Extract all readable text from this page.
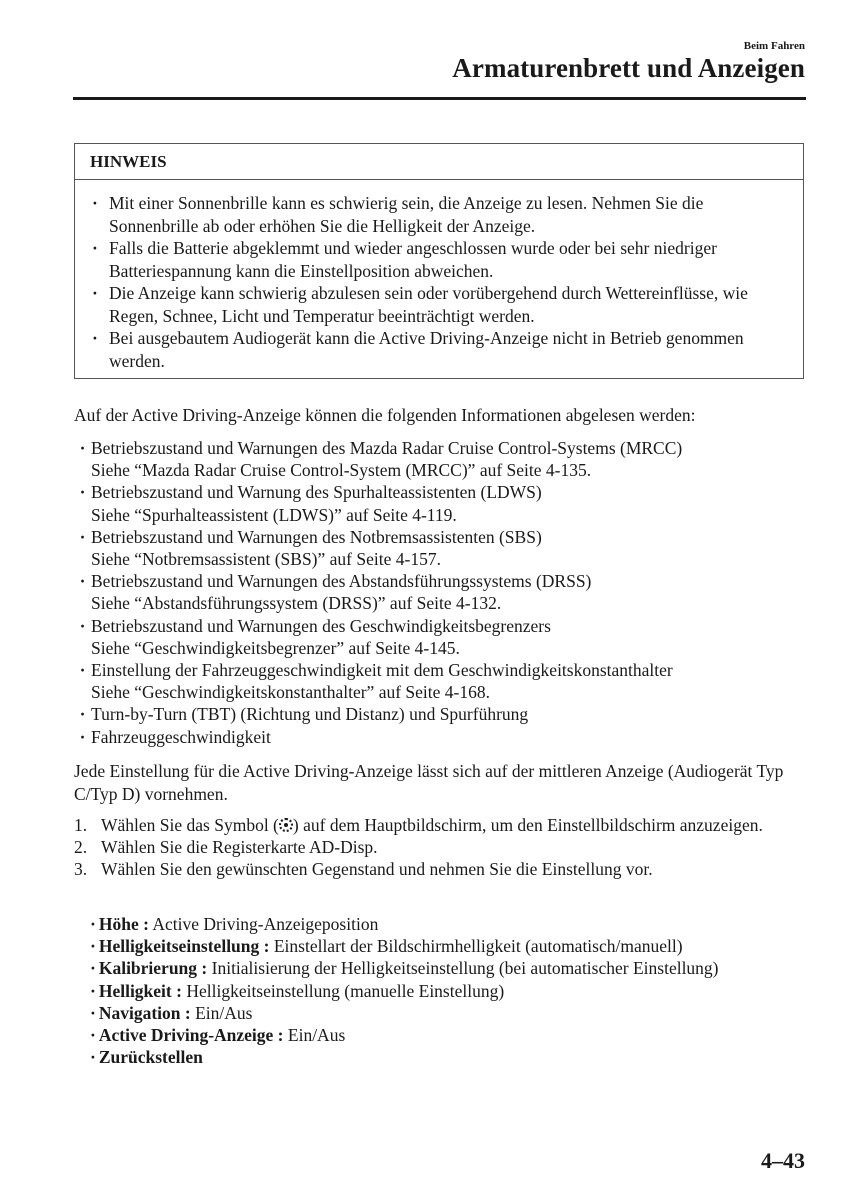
Beim Fahren
Armaturenbrett und Anzeigen
HINWEIS
· Mit einer Sonnenbrille kann es schwierig sein, die Anzeige zu lesen. Nehmen Sie die Sonnenbrille ab oder erhöhen Sie die Helligkeit der Anzeige.
· Falls die Batterie abgeklemmt und wieder angeschlossen wurde oder bei sehr niedriger Batteriespannung kann die Einstellposition abweichen.
· Die Anzeige kann schwierig abzulesen sein oder vorübergehend durch Wettereinflüsse, wie Regen, Schnee, Licht und Temperatur beeinträchtigt werden.
· Bei ausgebautem Audiogerät kann die Active Driving-Anzeige nicht in Betrieb genommen werden.
Auf der Active Driving-Anzeige können die folgenden Informationen abgelesen werden:
· Betriebszustand und Warnungen des Mazda Radar Cruise Control-Systems (MRCC)
Siehe “Mazda Radar Cruise Control-System (MRCC)” auf Seite 4-135.
· Betriebszustand und Warnung des Spurhalteassistenten (LDWS)
Siehe “Spurhalteassistent (LDWS)” auf Seite 4-119.
· Betriebszustand und Warnungen des Notbremsassistenten (SBS)
Siehe “Notbremsassistent (SBS)” auf Seite 4-157.
· Betriebszustand und Warnungen des Abstandsführungssystems (DRSS)
Siehe “Abstandsführungssystem (DRSS)” auf Seite 4-132.
· Betriebszustand und Warnungen des Geschwindigkeitsbegrenzers
Siehe “Geschwindigkeitsbegrenzer” auf Seite 4-145.
· Einstellung der Fahrzeuggeschwindigkeit mit dem Geschwindigkeitskonstanthalter
Siehe “Geschwindigkeitskonstanthalter” auf Seite 4-168.
· Turn-by-Turn (TBT) (Richtung und Distanz) und Spurführung
· Fahrzeuggeschwindigkeit
Jede Einstellung für die Active Driving-Anzeige lässt sich auf der mittleren Anzeige (Audiogerät Typ C/Typ D) vornehmen.
1. Wählen Sie das Symbol ( ) auf dem Hauptbildschirm, um den Einstellbildschirm anzuzeigen.
2. Wählen Sie die Registerkarte AD-Disp.
3. Wählen Sie den gewünschten Gegenstand und nehmen Sie die Einstellung vor.
· Höhe : Active Driving-Anzeigeposition
· Helligkeitseinstellung : Einstellart der Bildschirmhelligkeit (automatisch/manuell)
· Kalibrierung : Initialisierung der Helligkeitseinstellung (bei automatischer Einstellung)
· Helligkeit : Helligkeitseinstellung (manuelle Einstellung)
· Navigation : Ein/Aus
· Active Driving-Anzeige : Ein/Aus
· Zurückstellen
4–43
